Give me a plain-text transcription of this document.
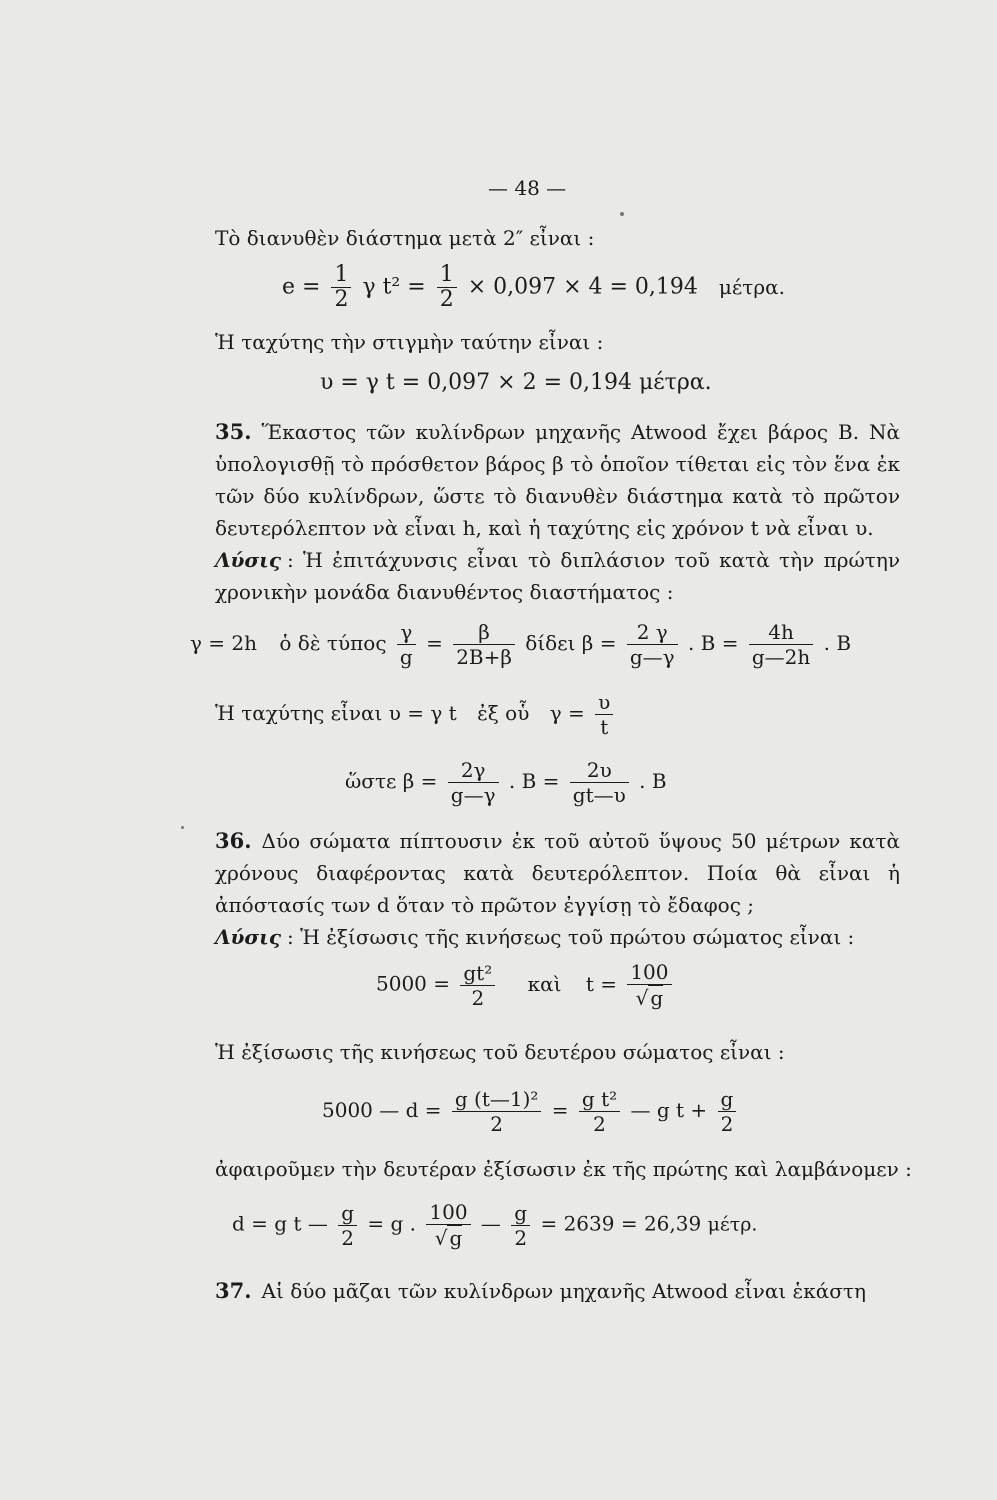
— 48 —
Τὸ διανυθὲν διάστημα μετὰ 2″ εἶναι :
$e = \frac{1}{2}$ γ $t^2 = \frac{1}{2} \times 0,097 \times 4 = 0,194$ μέτρα.
Ἡ ταχύτης τὴν στιγμὴν ταύτην εἶναι :
υ = γ t = 0,097 × 2 = 0,194 μέτρα.
35. Ἕκαστος τῶν κυλίνδρων μηχανῆς Atwood ἔχει βάρος Β. Νὰ ὑπολογισθῇ τὸ πρόσθετον βάρος β τὸ ὁποῖον τίθεται εἰς τὸν ἕνα ἐκ τῶν δύο κυλίνδρων, ὥστε τὸ διανυθὲν διάστημα κατὰ τὸ πρῶτον δευτερόλεπτον νὰ εἶναι h, καὶ ἡ ταχύτης εἰς χρόνον t νὰ εἶναι υ.
Λύσις : Ἡ ἐπιτάχυνσις εἶναι τὸ διπλάσιον τοῦ κατὰ τὴν πρώτην χρονικὴν μονάδα διανυθέντος διαστήματος :
γ = 2h ὁ δὲ τύπος $\frac{\gamma}{g} = \frac{\beta}{2B+\beta}$ δίδει $\beta = \frac{2 \gamma}{g—\gamma}$ . $B = \frac{4h}{g—2h}$ . Β
Ἡ ταχύτης εἶναι υ = γ t ἐξ οὗ $\gamma = \frac{\upsilon}{t}$
ὥστε $\beta = \frac{2\gamma}{g—\gamma}$ . $B = \frac{2\upsilon}{gt—\upsilon}$ . Β
36. Δύο σώματα πίπτουσιν ἐκ τοῦ αὐτοῦ ὕψους 50 μέτρων κατὰ χρόνους διαφέροντας κατὰ δευτερόλεπτον. Ποία θὰ εἶναι ἡ ἀπόστασίς των d ὅταν τὸ πρῶτον ἐγγίσῃ τὸ ἔδαφος ;
Λύσις : Ἡ ἐξίσωσις τῆς κινήσεως τοῦ πρώτου σώματος εἶναι :
$5000 = \frac{\text{gt²}}{2}$ καὶ $t = \frac{100}{√ g}$
Ἡ ἐξίσωσις τῆς κινήσεως τοῦ δευτέρου σώματος εἶναι :
5000 — $d = \frac{\text{g (t—1)²}}{2} = \frac{\text{g t²}}{2}$ — g $t + \frac{g}{2}$
ἀφαιροῦμεν τὴν δευτέραν ἐξίσωσιν ἐκ τῆς πρώτης καὶ λαμβάνομεν :
d = g t — $\frac{g}{2} = g$ . $\frac{100}{√ g}$ — $\frac{g}{2} = 2639 = 26,39$ μέτρ.
37. Αἱ δύο μᾶζαι τῶν κυλίνδρων μηχανῆς Atwood εἶναι ἑκάστη
